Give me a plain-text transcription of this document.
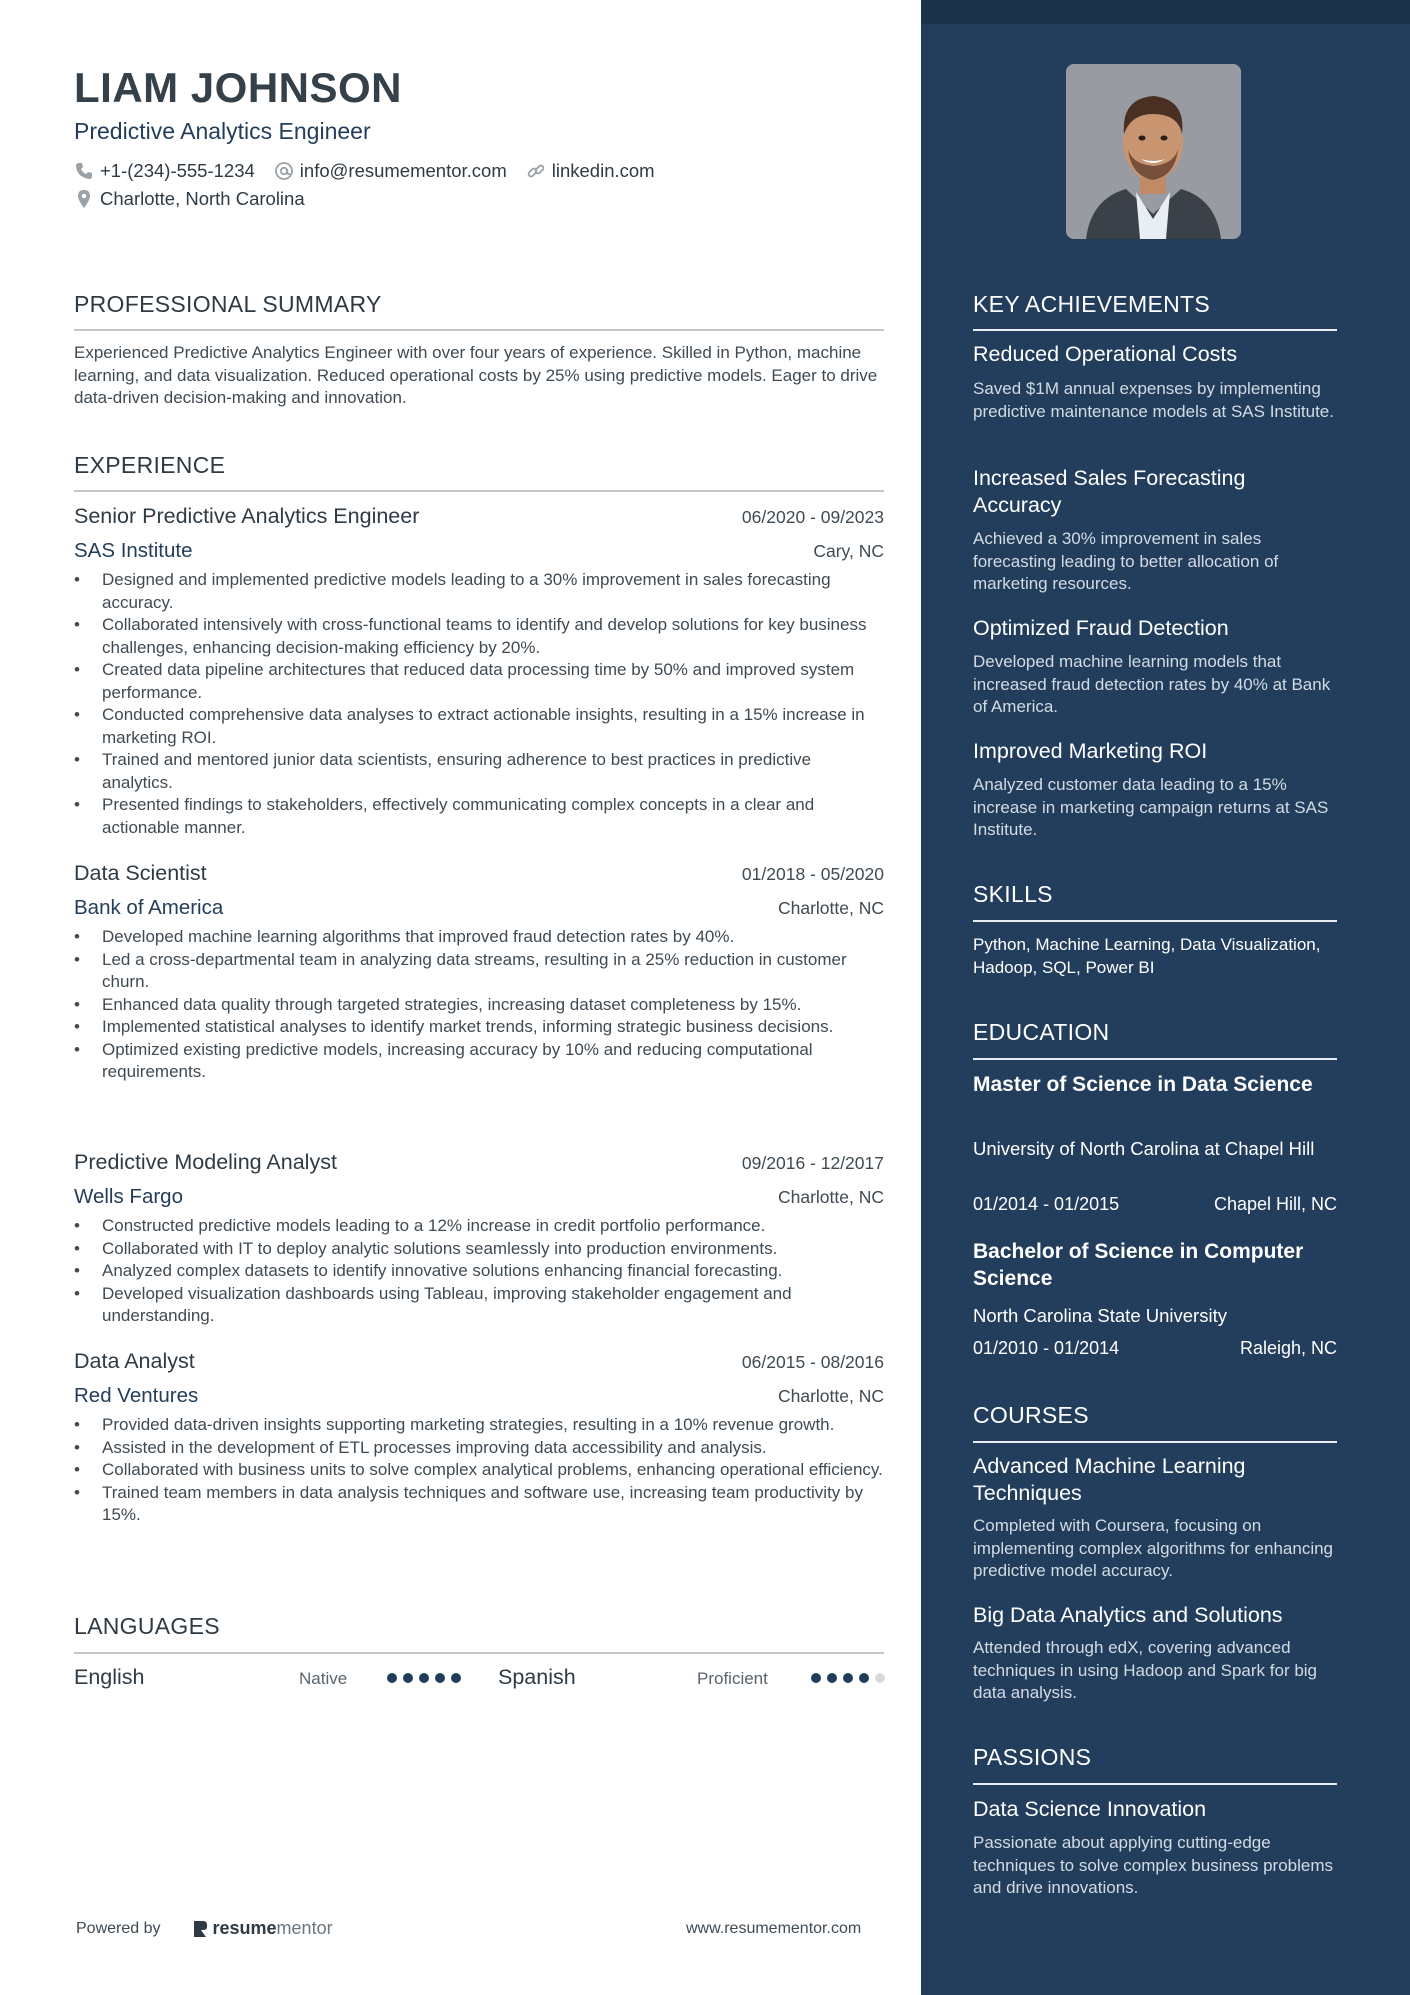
LIAM JOHNSON
Predictive Analytics Engineer
+1-(234)-555-1234 info@resumementor.com linkedin.com
Charlotte, North Carolina
PROFESSIONAL SUMMARY
Experienced Predictive Analytics Engineer with over four years of experience. Skilled in Python, machine learning, and data visualization. Reduced operational costs by 25% using predictive models. Eager to drive data-driven decision-making and innovation.
EXPERIENCE
Senior Predictive Analytics Engineer	06/2020 - 09/2023
SAS Institute	Cary, NC
• Designed and implemented predictive models leading to a 30% improvement in sales forecasting accuracy.
• Collaborated intensively with cross-functional teams to identify and develop solutions for key business challenges, enhancing decision-making efficiency by 20%.
• Created data pipeline architectures that reduced data processing time by 50% and improved system performance.
• Conducted comprehensive data analyses to extract actionable insights, resulting in a 15% increase in marketing ROI.
• Trained and mentored junior data scientists, ensuring adherence to best practices in predictive analytics.
• Presented findings to stakeholders, effectively communicating complex concepts in a clear and actionable manner.
Data Scientist	01/2018 - 05/2020
Bank of America	Charlotte, NC
• Developed machine learning algorithms that improved fraud detection rates by 40%.
• Led a cross-departmental team in analyzing data streams, resulting in a 25% reduction in customer churn.
• Enhanced data quality through targeted strategies, increasing dataset completeness by 15%.
• Implemented statistical analyses to identify market trends, informing strategic business decisions.
• Optimized existing predictive models, increasing accuracy by 10% and reducing computational requirements.
Predictive Modeling Analyst	09/2016 - 12/2017
Wells Fargo	Charlotte, NC
• Constructed predictive models leading to a 12% increase in credit portfolio performance.
• Collaborated with IT to deploy analytic solutions seamlessly into production environments.
• Analyzed complex datasets to identify innovative solutions enhancing financial forecasting.
• Developed visualization dashboards using Tableau, improving stakeholder engagement and understanding.
Data Analyst	06/2015 - 08/2016
Red Ventures	Charlotte, NC
• Provided data-driven insights supporting marketing strategies, resulting in a 10% revenue growth.
• Assisted in the development of ETL processes improving data accessibility and analysis.
• Collaborated with business units to solve complex analytical problems, enhancing operational efficiency.
• Trained team members in data analysis techniques and software use, increasing team productivity by 15%.
LANGUAGES
English	Native	Spanish	Proficient
Powered by	resume mentor	www.resumementor.com
KEY ACHIEVEMENTS
Reduced Operational Costs
Saved $1M annual expenses by implementing predictive maintenance models at SAS Institute.
Increased Sales Forecasting Accuracy
Achieved a 30% improvement in sales forecasting leading to better allocation of marketing resources.
Optimized Fraud Detection
Developed machine learning models that increased fraud detection rates by 40% at Bank of America.
Improved Marketing ROI
Analyzed customer data leading to a 15% increase in marketing campaign returns at SAS Institute.
SKILLS
Python, Machine Learning, Data Visualization, Hadoop, SQL, Power BI
EDUCATION
Master of Science in Data Science
University of North Carolina at Chapel Hill
01/2014 - 01/2015	Chapel Hill, NC
Bachelor of Science in Computer Science
North Carolina State University
01/2010 - 01/2014	Raleigh, NC
COURSES
Advanced Machine Learning Techniques
Completed with Coursera, focusing on implementing complex algorithms for enhancing predictive model accuracy.
Big Data Analytics and Solutions
Attended through edX, covering advanced techniques in using Hadoop and Spark for big data analysis.
PASSIONS
Data Science Innovation
Passionate about applying cutting-edge techniques to solve complex business problems and drive innovations.
